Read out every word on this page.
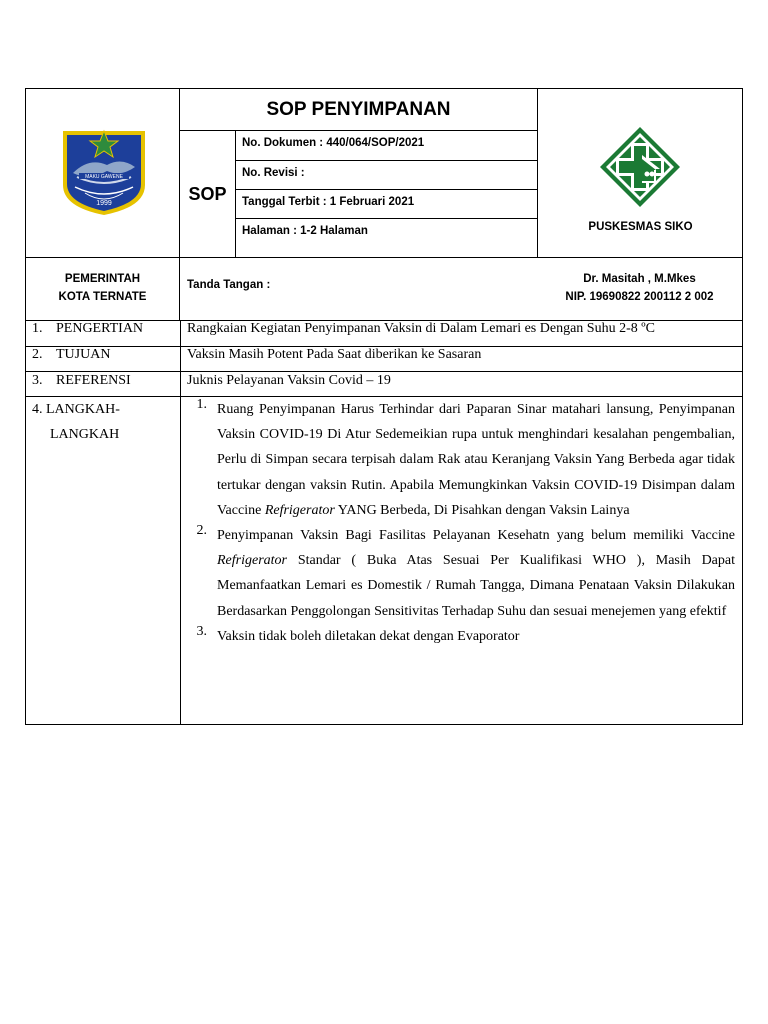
MAKU GAWENE
1999
SOP PENYIMPANAN
SOP
No. Dokumen : 440/064/SOP/2021
No. Revisi :
Tanggal Terbit : 1 Februari 2021
Halaman : 1-2 Halaman	PUSKESMAS SIKO
PEMERINTAH
KOTA TERNATE
Tanda Tangan :	Dr. Masitah , M.Mkes
NIP. 19690822 200112 2 002
1. PENGERTIAN	Rangkaian Kegiatan Penyimpanan Vaksin di Dalam Lemari es Dengan Suhu 2-8 ºC
2. TUJUAN	Vaksin Masih Potent Pada Saat diberikan ke Sasaran
3. REFERENSI	Juknis Pelayanan Vaksin Covid – 19
4. LANGKAH-
LANGKAH
1. Ruang Penyimpanan Harus Terhindar dari Paparan Sinar matahari lansung, Penyimpanan Vaksin COVID-19 Di Atur Sedemeikian rupa untuk menghindari kesalahan pengembalian, Perlu di Simpan secara terpisah dalam Rak atau Keranjang Vaksin Yang Berbeda agar tidak tertukar dengan vaksin Rutin. Apabila Memungkinkan Vaksin COVID-19 Disimpan dalam Vaccine Refrigerator YANG Berbeda, Di Pisahkan dengan Vaksin Lainya
2. Penyimpanan Vaksin Bagi Fasilitas Pelayanan Kesehatn yang belum memiliki Vaccine Refrigerator Standar ( Buka Atas Sesuai Per Kualifikasi WHO ), Masih Dapat Memanfaatkan Lemari es Domestik / Rumah Tangga, Dimana Penataan Vaksin Dilakukan Berdasarkan Penggolongan Sensitivitas Terhadap Suhu dan sesuai menejemen yang efektif
3. Vaksin tidak boleh diletakan dekat dengan Evaporator
